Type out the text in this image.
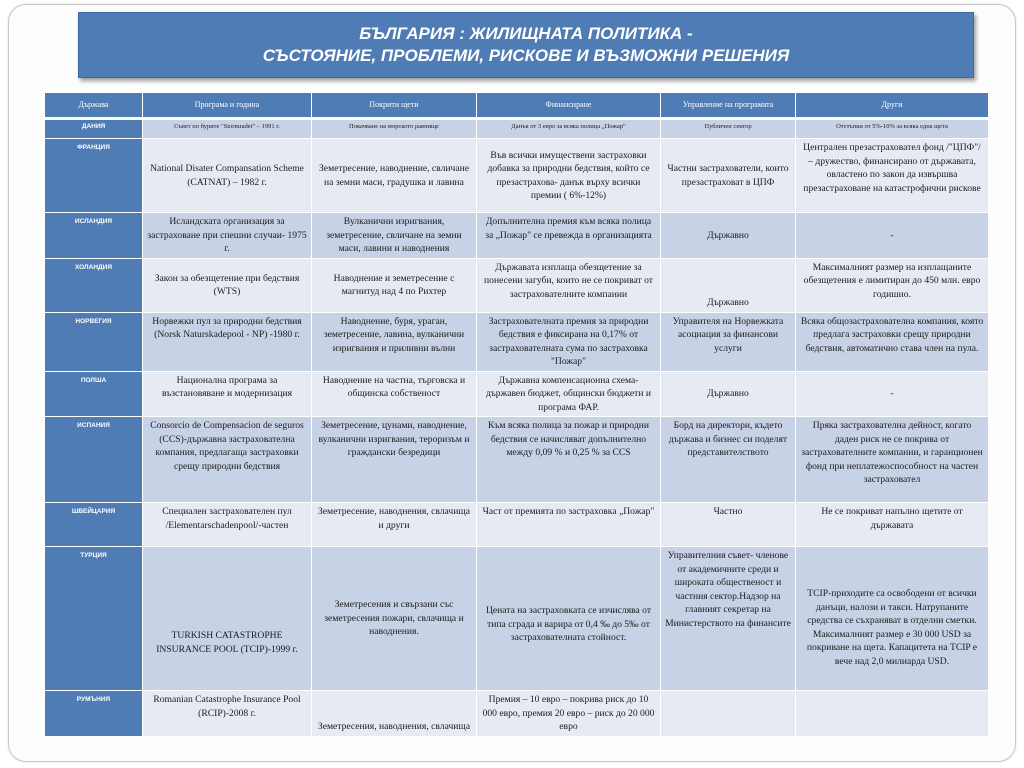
БЪЛГАРИЯ : ЖИЛИЩНАТА ПОЛИТИКА -
СЪСТОЯНИЕ, ПРОБЛЕМИ, РИСКОВЕ И ВЪЗМОЖНИ РЕШЕНИЯ
Държава	Програма и година	Покрити щети	Финансиране	Управление на програмата	Други
ДАНИЯ	Съвет по бурите "Stormradet" – 1991 г.	Покачване на морското равнище	Данък от 3 евро за всяка полица „Пожар"	Публичен сектор	Отстъпки от 5%-10% за всяка една щета
ФРАНЦИЯ	National Disater Compansation Scheme (CATNAT) – 1982 г.	Земетресение, наводнение, свличане на земни маси, градушка и лавина	Във всички имуществени застраховки добавка за природни бедствия, който се презастрахова- данък върху всички премии ( 6%-12%)	Частни застрахователи, които презастраховат в ЦПФ	Централен презастраховател фонд /"ЦПФ"/ – дружество, финансирано от държавата, овластено по закон да извършва презастраховане на катастрофични рискове
ИСЛАНДИЯ	Исландската организация за застраховане при спешни случаи- 1975 г.	Вулканични изригвания, земетресение, свличане на земни маси, лавини и наводнения	Допълнителна премия към всяка полица за „Пожар" се превежда в организацията	Държавно	-
ХОЛАНДИЯ	Закон за обезщетение при бедствия (WTS)	Наводнение и земетресение с магнитуд над 4 по Рихтер	Държавата изплаща обезщетение за понесени загуби, които не се покриват от застрахователните компании	Държавно	Максималният размер на изплащаните обезщетения е лимитиран до 450 млн. евро годишно.
НОРВЕГИЯ	Норвежки пул за природни бедствия (Norsk Naturskadepool - NP) -1980 г.	Наводнение, буря, ураган, земетресение, лавина, вулканични изригвания и приливни вълни	Застрахователната премия за природни бедствия е фиксирана на 0,17% от застрахователната сума по застраховка "Пожар"	Управителя на Норвежката асоциация за финансови услуги	Всяка общозастрахователна компания, която предлага застраховки срещу природни бедствия, автоматично става член на пула.
ПОЛША	Национална програма за възстановяване и модернизация	Наводнение на частна, търговска и общинска собственост	Държавна компенсационна схема- държавен бюджет, общински бюджети и програма ФАР.	Държавно	-
ИСПАНИЯ	Consorcio de Compensacion de seguros (CCS)-държавна застрахователна компания, предлагаща застраховки срещу природни бедствия	Земетресение, цунами, наводнение, вулканични изригвания, тероризъм и граждански безредици	Към всяка полица за пожар и природни бедствия се начисляват допълнително между 0,09 % и 0,25 % за CCS	Борд на директори, където държава и бизнес си поделят представителството	Пряка застрахователна дейност, когато даден риск не се покрива от застрахователните компании, и гаранционен фонд при неплатежоспособност на частен застраховател
ШВЕЙЦАРИЯ	Специален застрахователен пул /Elementarschadenpool/-частен	Земетресение, наводнения, свлачища и други	Част от премията по застраховка „Пожар"	Частно	Не се покриват напълно щетите от държавата
ТУРЦИЯ	TURKISH CATASTROPHE INSURANCE POOL (TCIP)-1999 г.	Земетресения и свързани със земетресения пожари, свлачища и наводнения.	Цената на застраховката се изчислява от типа сграда и варира от 0,4 ‰ до 5‰ от застрахователната стойност.	Управителния съвет- членове от академичните среди и широката общественост и частния сектор.Надзор на главният секретар на Министерството на финансите	TCIP-приходите са освободени от всички данъци, налози и такси. Натрупаните средства се съхраняват в отделни сметки. Максималният размер е 30 000 USD за покриване на щета. Капацитета на TCIP е вече над 2,0 милиарда USD.
РУМЪНИЯ	Romanian Catastrophe Insurance Pool (RCIP)-2008 г.	Земетресения, наводнения, свлачища	Премия – 10 евро – покрива риск до 10 000 евро, премия 20 евро – риск до 20 000 евро		
